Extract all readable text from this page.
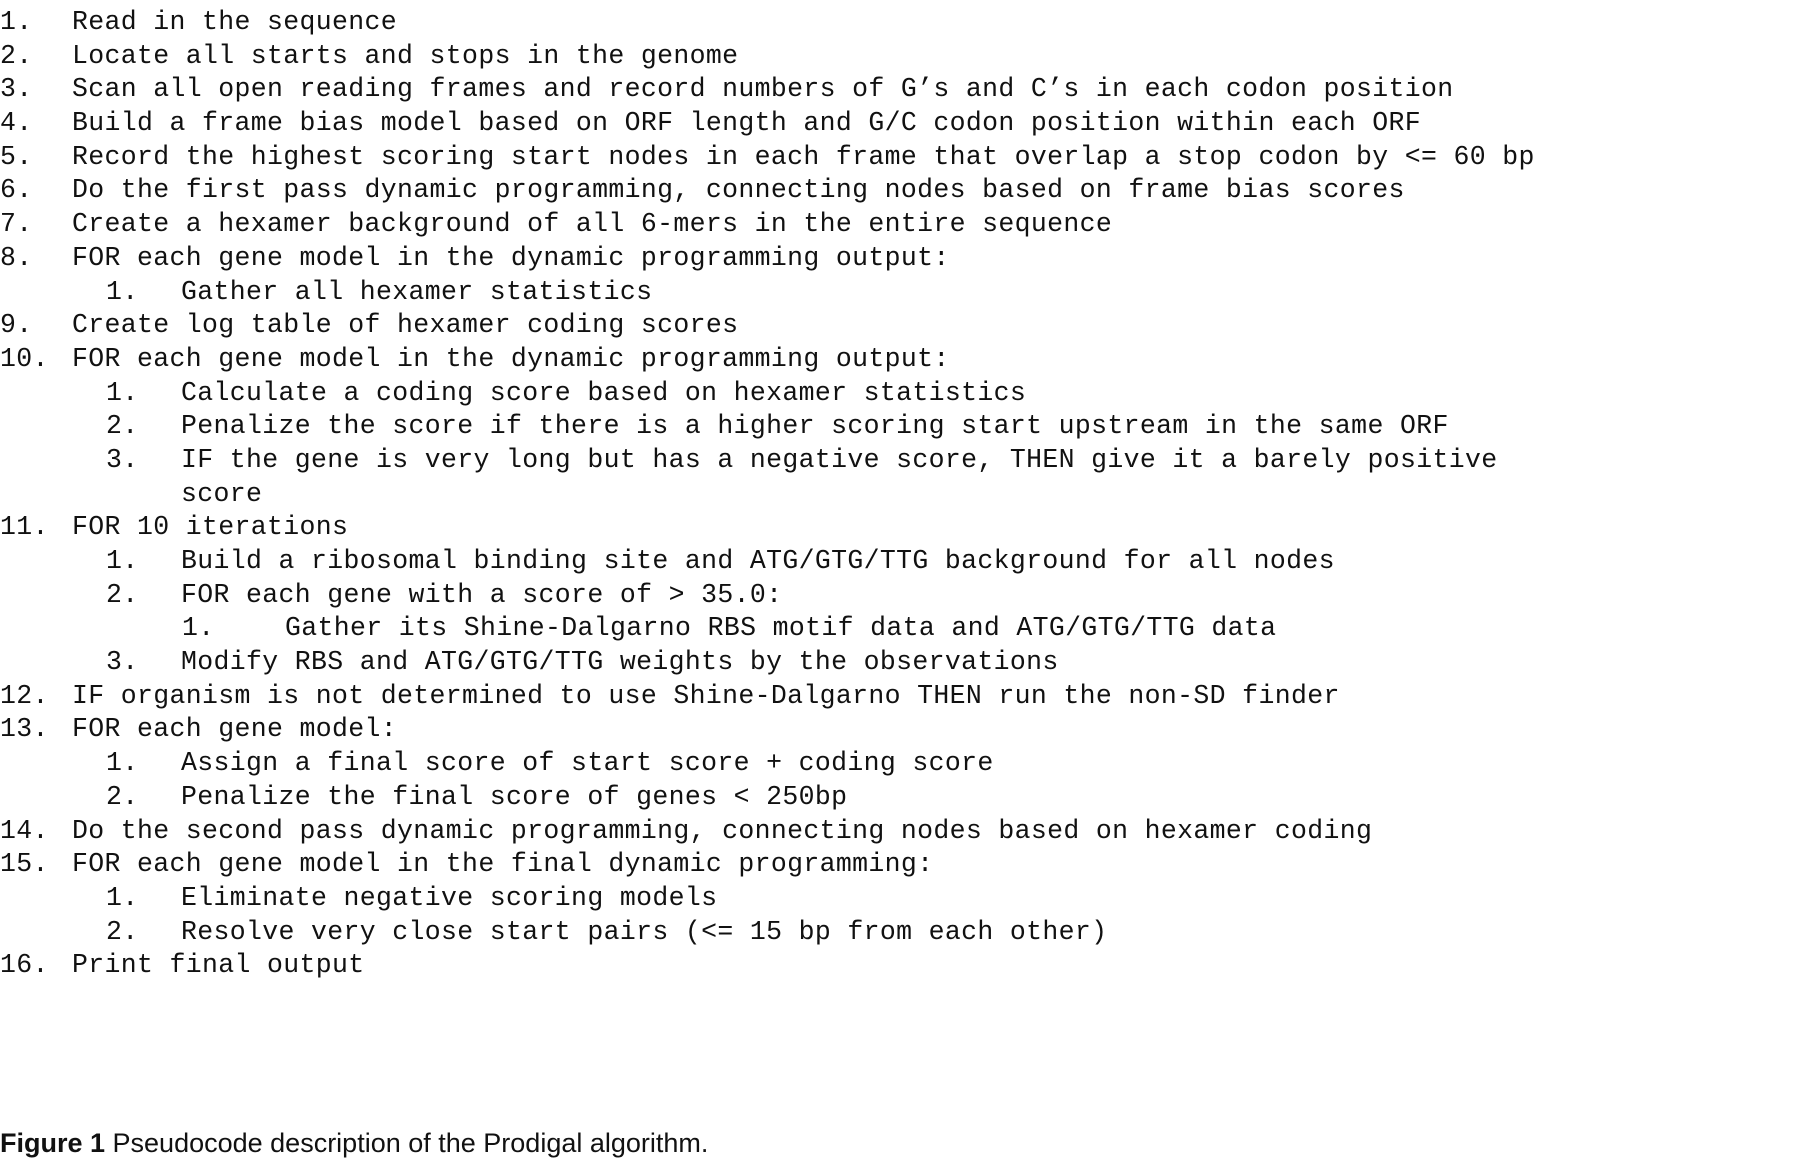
1. Read in the sequence
2. Locate all starts and stops in the genome
3. Scan all open reading frames and record numbers of G’s and C’s in each codon position
4. Build a frame bias model based on ORF length and G/C codon position within each ORF
5. Record the highest scoring start nodes in each frame that overlap a stop codon by <= 60 bp
6. Do the first pass dynamic programming, connecting nodes based on frame bias scores
7. Create a hexamer background of all 6-mers in the entire sequence
8. FOR each gene model in the dynamic programming output:
1. Gather all hexamer statistics
9. Create log table of hexamer coding scores
10. FOR each gene model in the dynamic programming output:
1. Calculate a coding score based on hexamer statistics
2. Penalize the score if there is a higher scoring start upstream in the same ORF
3. IF the gene is very long but has a negative score, THEN give it a barely positive
score
11. FOR 10 iterations
1. Build a ribosomal binding site and ATG/GTG/TTG background for all nodes
2. FOR each gene with a score of > 35.0:
1.	Gather its Shine-Dalgarno RBS motif data and ATG/GTG/TTG data
3. Modify RBS and ATG/GTG/TTG weights by the observations
12. IF organism is not determined to use Shine-Dalgarno THEN run the non-SD finder
13. FOR each gene model:
1. Assign a final score of start score + coding score
2. Penalize the final score of genes < 250bp
14. Do the second pass dynamic programming, connecting nodes based on hexamer coding
15. FOR each gene model in the final dynamic programming:
1. Eliminate negative scoring models
2. Resolve very close start pairs (<= 15 bp from each other)
16. Print final output
Figure 1 Pseudocode description of the Prodigal algorithm.
